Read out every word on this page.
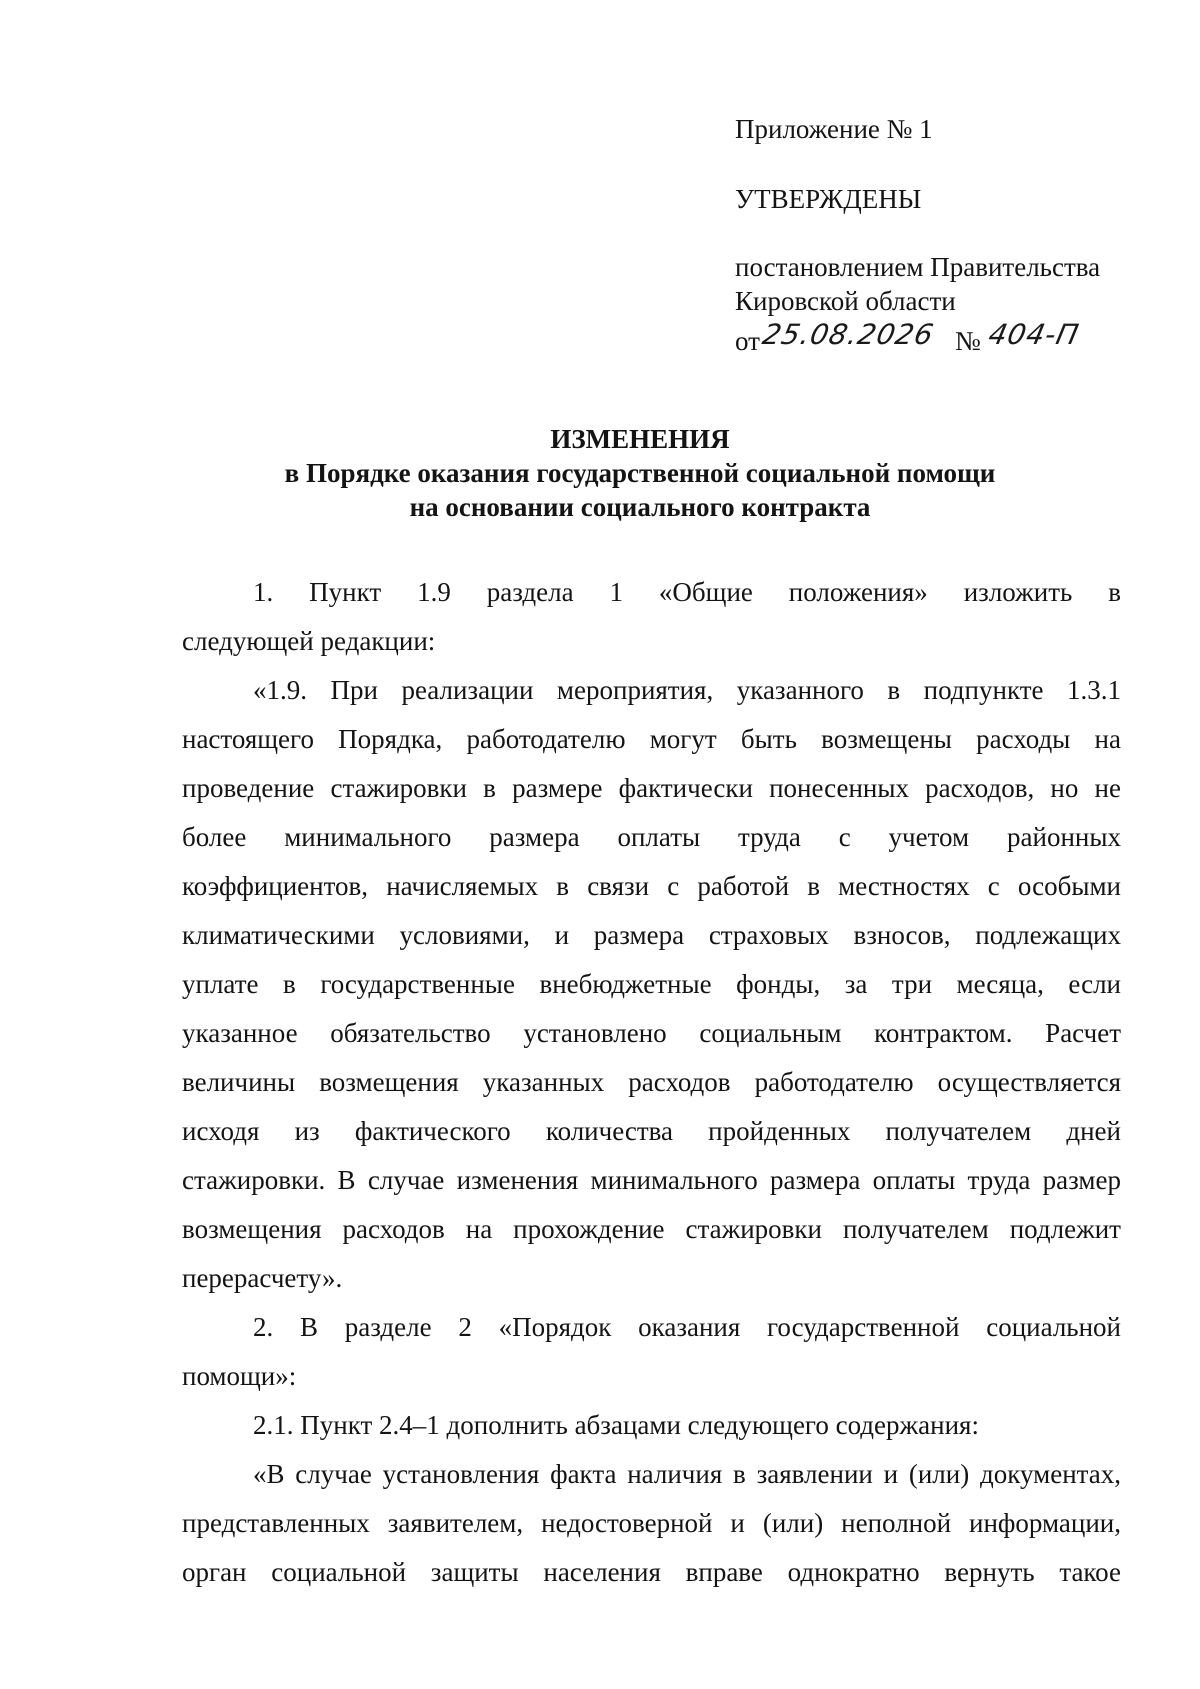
Приложение № 1
УТВЕРЖДЕНЫ
постановлением Правительства
Кировской области
от 25.08.2026 № 404-П
ИЗМЕНЕНИЯ
в Порядке оказания государственной социальной помощи
на основании социального контракта
1. Пункт 1.9 раздела 1 «Общие положения» изложить в
следующей редакции:
«1.9. При реализации мероприятия, указанного в подпункте 1.3.1
настоящего Порядка, работодателю могут быть возмещены расходы на
проведение стажировки в размере фактически понесенных расходов, но не
более минимального размера оплаты труда с учетом районных
коэффициентов, начисляемых в связи с работой в местностях с особыми
климатическими условиями, и размера страховых взносов, подлежащих
уплате в государственные внебюджетные фонды, за три месяца, если
указанное обязательство установлено социальным контрактом. Расчет
величины возмещения указанных расходов работодателю осуществляется
исходя из фактического количества пройденных получателем дней
стажировки. В случае изменения минимального размера оплаты труда размер
возмещения расходов на прохождение стажировки получателем подлежит
перерасчету».
2. В разделе 2 «Порядок оказания государственной социальной
помощи»:
2.1. Пункт 2.4–1 дополнить абзацами следующего содержания:
«В случае установления факта наличия в заявлении и (или) документах,
представленных заявителем, недостоверной и (или) неполной информации,
орган социальной защиты населения вправе однократно вернуть такое
